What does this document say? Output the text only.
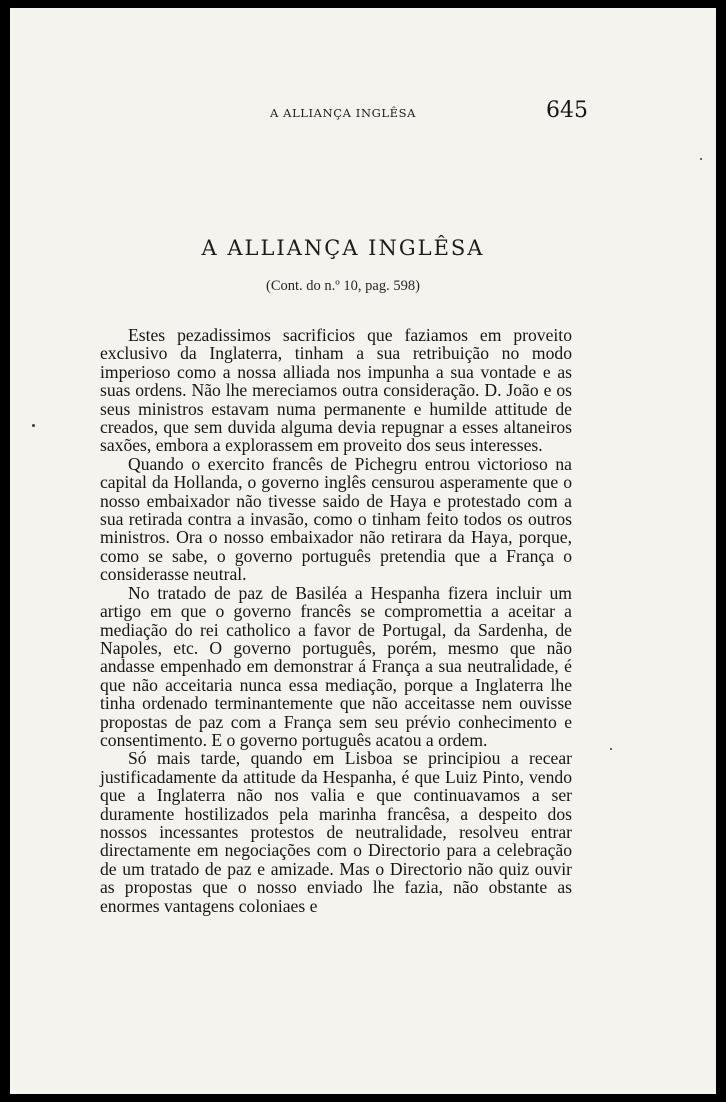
A ALLIANÇA INGLÊSA	645
A ALLIANÇA INGLÊSA
(Cont. do n.º 10, pag. 598)

Estes pezadissimos sacrificios que faziamos em proveito exclusivo da Inglaterra, tinham a sua retribuição no modo imperioso como a nossa alliada nos impunha a sua vontade e as suas ordens. Não lhe mereciamos outra consideração. D. João e os seus ministros estavam numa permanente e humilde attitude de creados, que sem duvida alguma devia repugnar a esses altaneiros saxões, embora a explorassem em proveito dos seus interesses.

Quando o exercito francês de Pichegru entrou victorioso na capital da Hollanda, o governo inglês censurou asperamente que o nosso embaixador não tivesse saido de Haya e protestado com a sua retirada contra a invasão, como o tinham feito todos os outros ministros. Ora o nosso embaixador não retirara da Haya, porque, como se sabe, o governo português pretendia que a França o considerasse neutral.

No tratado de paz de Basiléa a Hespanha fizera incluir um artigo em que o governo francês se compromettia a aceitar a mediação do rei catholico a favor de Portugal, da Sardenha, de Napoles, etc. O governo português, porém, mesmo que não andasse empenhado em demonstrar á França a sua neutralidade, é que não acceitaria nunca essa mediação, porque a Inglaterra lhe tinha ordenado terminantemente que não acceitasse nem ouvisse propostas de paz com a França sem seu prévio conhecimento e consentimento. E o governo português acatou a ordem.

Só mais tarde, quando em Lisboa se principiou a recear justificadamente da attitude da Hespanha, é que Luiz Pinto, vendo que a Inglaterra não nos valia e que continuavamos a ser duramente hostilizados pela marinha francêsa, a despeito dos nossos incessantes protestos de neutralidade, resolveu entrar directamente em negociações com o Directorio para a celebração de um tratado de paz e amizade. Mas o Directorio não quiz ouvir as propostas que o nosso enviado lhe fazia, não obstante as enormes vantagens coloniaes e
